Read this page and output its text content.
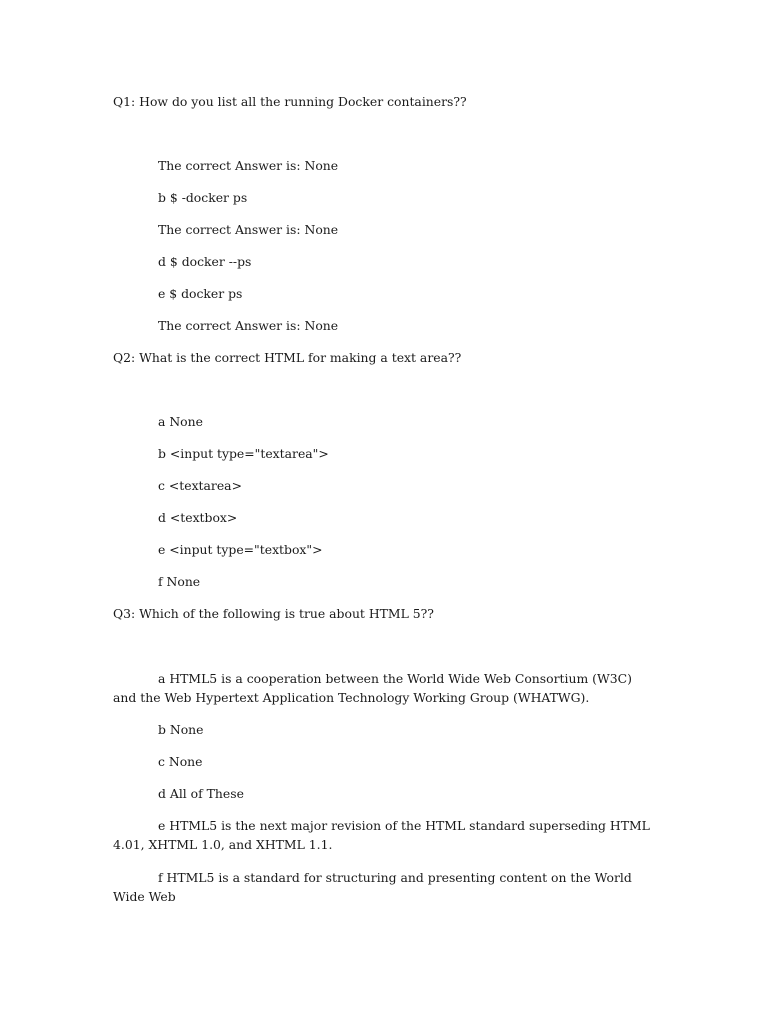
Q1: How do you list all the running Docker containers??
The correct Answer is: None
b $ -docker ps
The correct Answer is: None
d $ docker --ps
e $ docker ps
The correct Answer is: None
Q2: What is the correct HTML for making a text area??
a None
b <input type="textarea">
c <textarea>
d <textbox>
e <input type="textbox">
f None
Q3: Which of the following is true about HTML 5??
a HTML5 is a cooperation between the World Wide Web Consortium (W3C) and the Web Hypertext Application Technology Working Group (WHATWG).
b None
c None
d All of These
e HTML5 is the next major revision of the HTML standard superseding HTML 4.01, XHTML 1.0, and XHTML 1.1.
f HTML5 is a standard for structuring and presenting content on the World Wide Web
